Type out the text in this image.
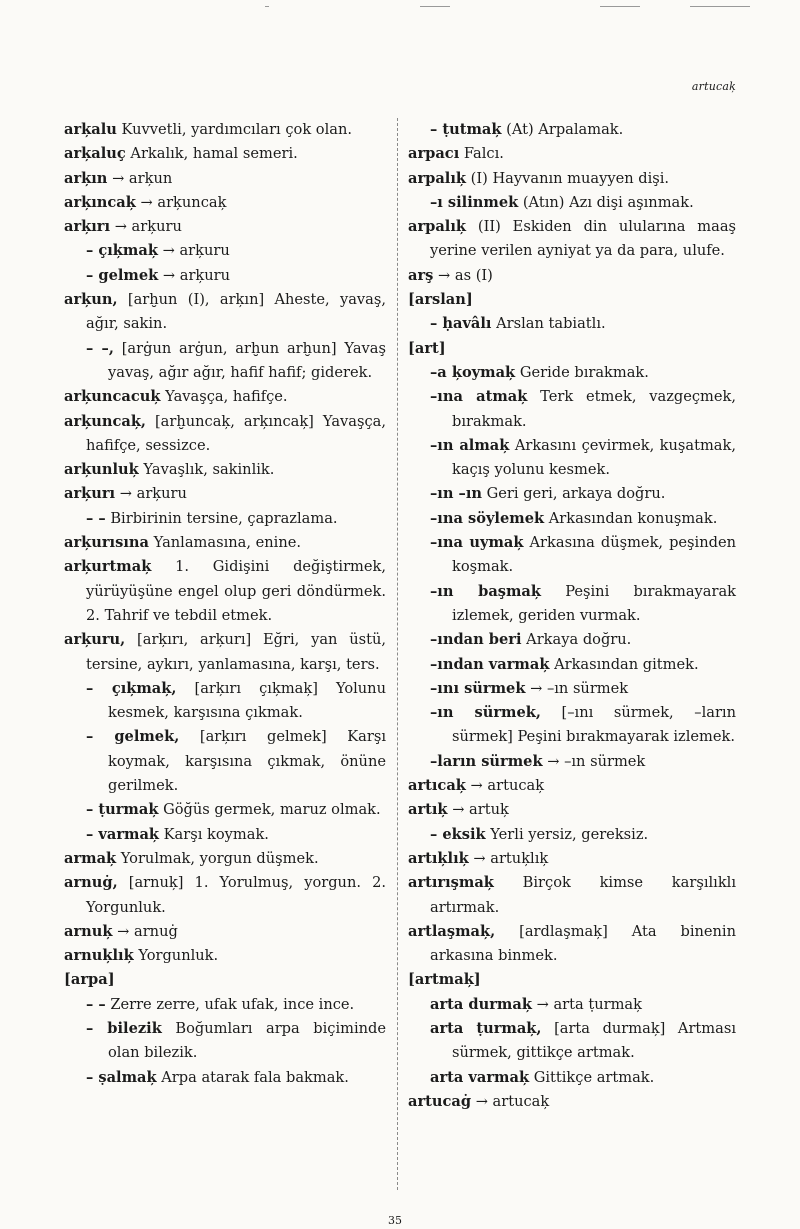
artucaķ
arķalu Kuvvetli, yardımcıları çok olan.
arķaluç Arkalık, hamal semeri.
arķın → arķun
arķıncaķ → arķuncaķ
arķırı → arķuru
– çıķmaķ → arķuru
– gelmek → arķuru
arķun, [arḫun (I), arķın] Aheste, yavaş, ağır, sakin.
– –, [arġun arġun, arḫun arḫun] Yavaş yavaş, ağır ağır, hafif hafif; giderek.
arķuncacuķ Yavaşça, hafifçe.
arķuncaķ, [arḫuncaķ, arķıncaķ] Yavaşça, hafifçe, sessizce.
arķunluķ Yavaşlık, sakinlik.
arķurı → arķuru
– – Birbirinin tersine, çaprazlama.
arķurısına Yanlamasına, enine.
arķurtmaķ 1. Gidişini değiştirmek, yürüyüşüne engel olup geri döndürmek. 2. Tahrif ve tebdil etmek.
arķuru, [arķırı, arķurı] Eğri, yan üstü, tersine, aykırı, yanlamasına, karşı, ters.
– çıķmaķ, [arķırı çıķmaķ] Yolunu kesmek, karşısına çıkmak.
– gelmek, [arķırı gelmek] Karşı koymak, karşısına çıkmak, önüne gerilmek.
– ṭurmaķ Göğüs germek, maruz olmak.
– varmaķ Karşı koymak.
armaķ Yorulmak, yorgun düşmek.
arnuġ, [arnuķ] 1. Yorulmuş, yorgun. 2. Yorgunluk.
arnuķ → arnuġ
arnuķlıķ Yorgunluk.
[arpa]
– – Zerre zerre, ufak ufak, ince ince.
– bilezik Boğumları arpa biçiminde olan bilezik.
– ṣalmaķ Arpa atarak fala bakmak.
– ṭutmaķ (At) Arpalamak.
arpacı Falcı.
arpalıķ (I) Hayvanın muayyen dişi.
–ı silinmek (Atın) Azı dişi aşınmak.
arpalıķ (II) Eskiden din ulularına maaş yerine verilen ayniyat ya da para, ulufe.
arş → as (I)
[arslan]
– ḥavâlı Arslan tabiatlı.
[art]
–a ķoymaķ Geride bırakmak.
–ına atmaķ Terk etmek, vazgeçmek, bırakmak.
–ın almaķ Arkasını çevirmek, kuşatmak, kaçış yolunu kesmek.
–ın –ın Geri geri, arkaya doğru.
–ına söylemek Arkasından konuşmak.
–ına uymaķ Arkasına düşmek, peşinden koşmak.
–ın başmaķ Peşini bırakmayarak izlemek, geriden vurmak.
–ından beri Arkaya doğru.
–ından varmaķ Arkasından gitmek.
–ını sürmek → –ın sürmek
–ın sürmek, [–ını sürmek, –ların sürmek] Peşini bırakmayarak izlemek.
–ların sürmek → –ın sürmek
artıcaķ → artucaķ
artıķ → artuķ
– eksik Yerli yersiz, gereksiz.
artıķlıķ → artuķlıķ
artırışmaķ Birçok kimse karşılıklı artırmak.
artlaşmaķ, [ardlaşmaķ] Ata binenin arkasına binmek.
[artmaķ]
arta durmaķ → arta ṭurmaķ
arta ṭurmaķ, [arta durmaķ] Artması sürmek, gittikçe artmak.
arta varmaķ Gittikçe artmak.
artucaġ → artucaķ
35
